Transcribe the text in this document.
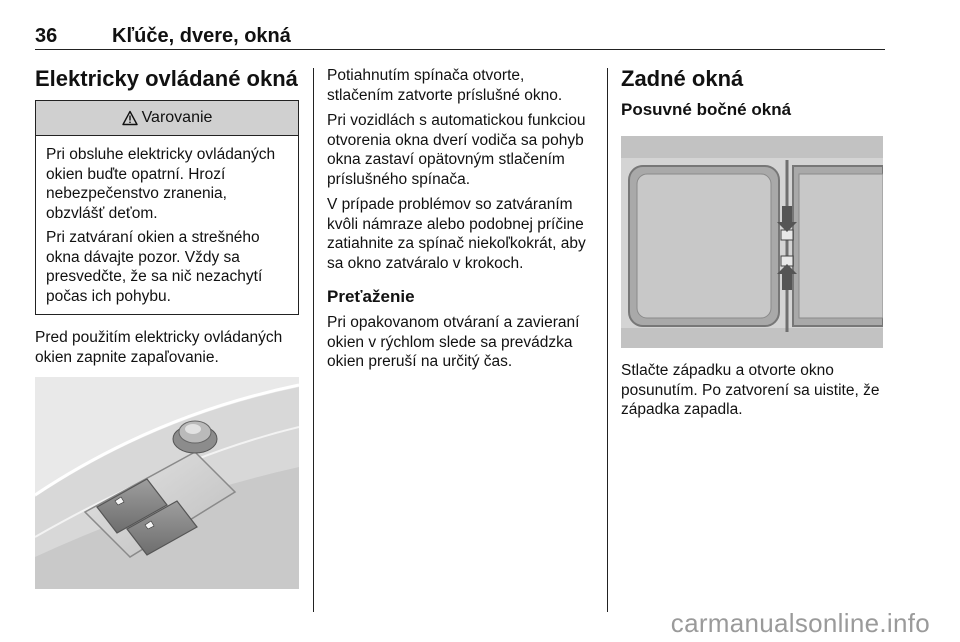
36	Kľúče, dvere, okná
Elektricky ovládané okná
Varovanie

Pri obsluhe elektricky ovládaných okien buďte opatrní. Hrozí nebezpečenstvo zranenia, obzvlášť deťom.

Pri zatváraní okien a strešného okna dávajte pozor. Vždy sa presvedčte, že sa nič nezachytí počas ich pohybu.

Pred použitím elektricky ovládaných okien zapnite zapaľovanie.

Potiahnutím spínača otvorte, stlačením zatvorte príslušné okno.

Pri vozidlách s automatickou funkciou otvorenia okna dverí vodiča sa pohyb okna zastaví opätovným stlačením príslušného spínača.

V prípade problémov so zatváraním kvôli námraze alebo podobnej príčine zatiahnite za spínač niekoľkokrát, aby sa okno zatváralo v krokoch.

Preťaženie

Pri opakovanom otváraní a zavieraní okien v rýchlom slede sa prevádzka okien preruší na určitý čas.

Zadné okná
Posuvné bočné okná

Stlačte západku a otvorte okno posunutím. Po zatvorení sa uistite, že západka zapadla.

carmanualsonline.info
